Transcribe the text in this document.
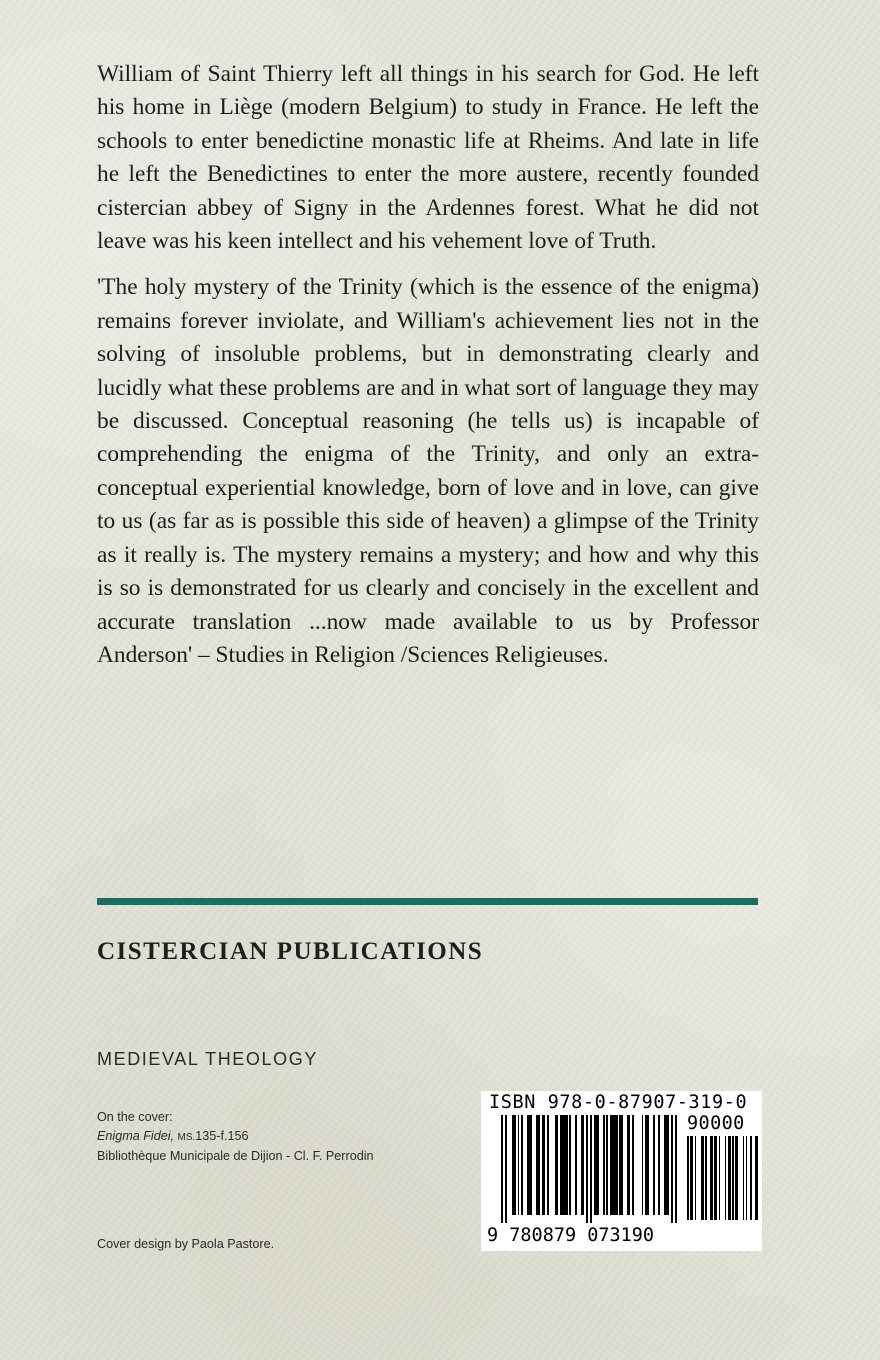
William of Saint Thierry left all things in his search for God. He left his home in Liège (modern Belgium) to study in France. He left the schools to enter benedictine monastic life at Rheims. And late in life he left the Benedictines to enter the more austere, recently founded cistercian abbey of Signy in the Ardennes forest. What he did not leave was his keen intellect and his vehement love of Truth.

'The holy mystery of the Trinity (which is the essence of the enigma) remains forever inviolate, and William's achievement lies not in the solving of insoluble problems, but in demonstrating clearly and lucidly what these problems are and in what sort of language they may be discussed. Conceptual reasoning (he tells us) is incapable of comprehending the enigma of the Trinity, and only an extra-conceptual experiential knowledge, born of love and in love, can give to us (as far as is possible this side of heaven) a glimpse of the Trinity as it really is. The mystery remains a mystery; and how and why this is so is demonstrated for us clearly and concisely in the excellent and accurate translation ...now made available to us by Professor Anderson' – Studies in Religion /Sciences Religieuses.

CISTERCIAN PUBLICATIONS
MEDIEVAL THEOLOGY
On the cover:
Enigma Fidei, MS.135-f.156
Bibliothèque Municipale de Dijion - Cl. F. Perrodin
Cover design by Paola Pastore.
ISBN 978-0-87907-319-0
90000
9 780879 073190
